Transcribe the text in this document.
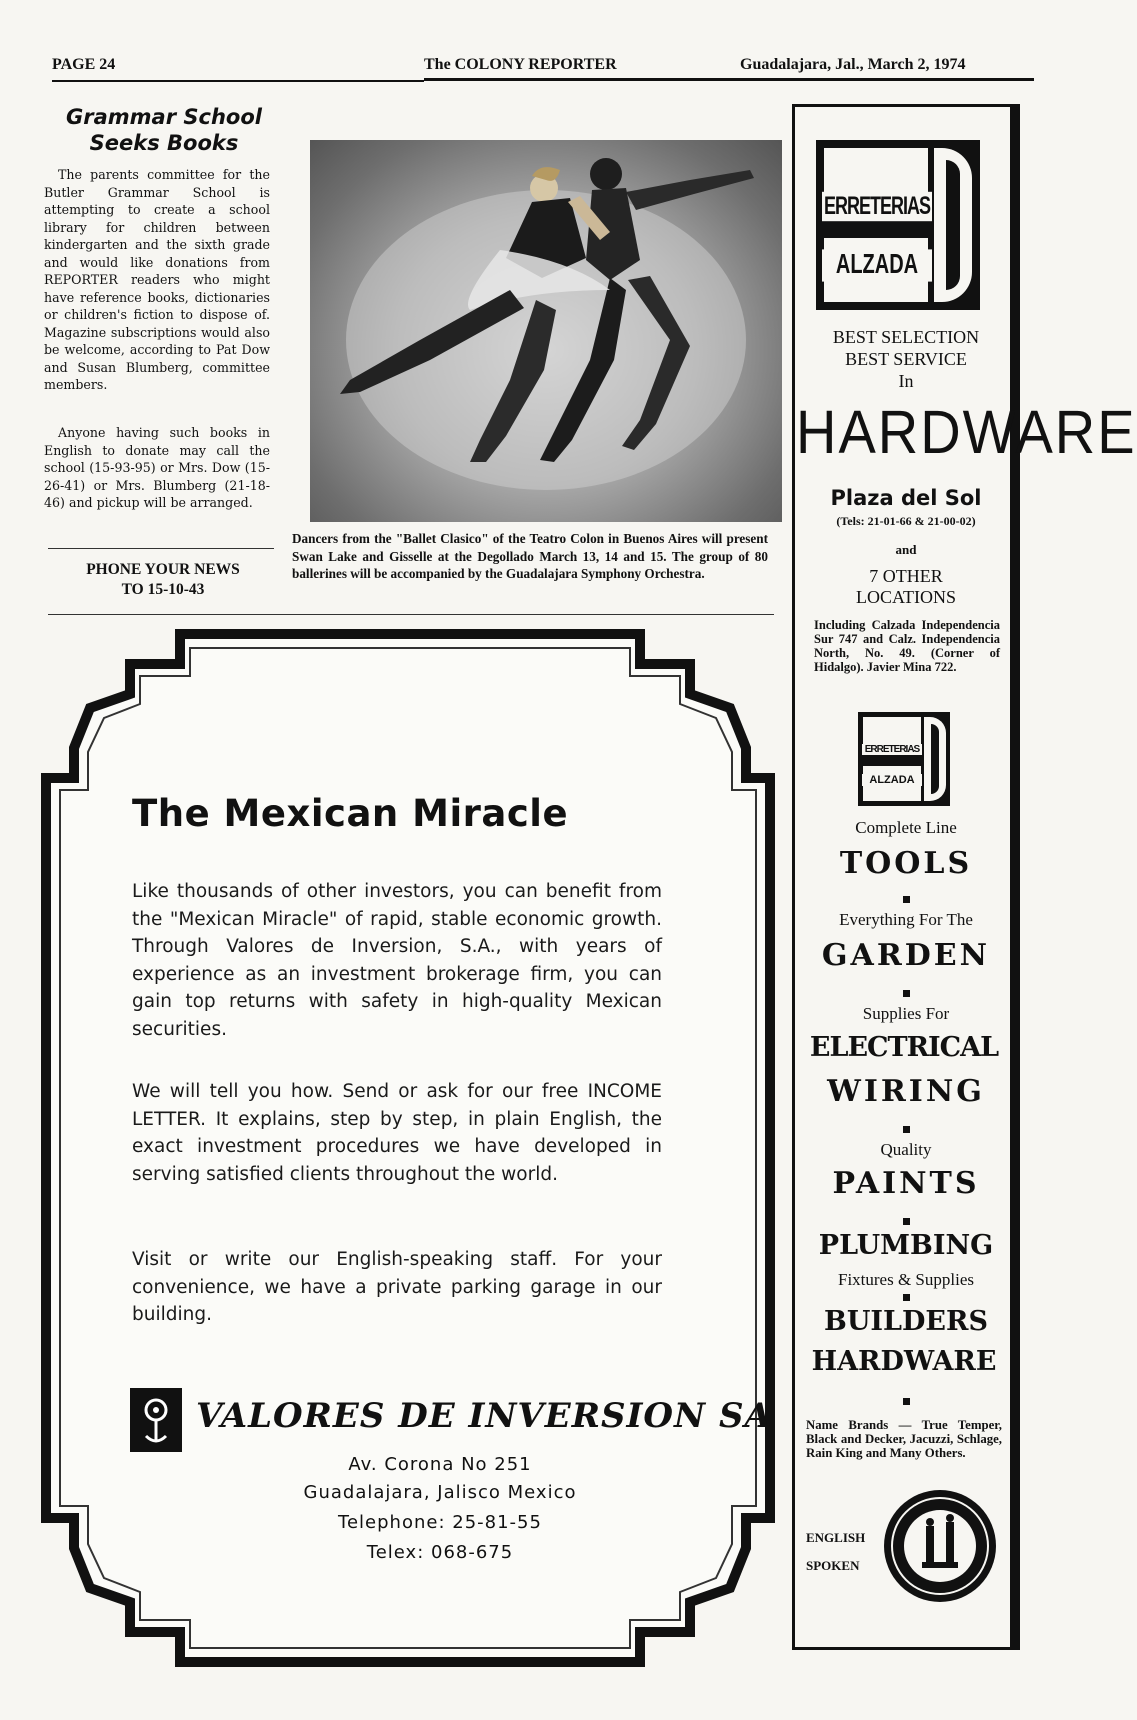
PAGE 24	The COLONY REPORTER	Guadalajara, Jal., March 2, 1974
Grammar School
Seeks Books
The parents committee for the Butler Grammar School is attempting to create a school library for children between kindergarten and the sixth grade and would like donations from REPORTER readers who might have reference books, dictionaries or children's fiction to dispose of. Magazine subscriptions would also be welcome, according to Pat Dow and Susan Blumberg, committee members.
Anyone having such books in English to donate may call the school (15-93-95) or Mrs. Dow (15-26-41) or Mrs. Blumberg (21-18-46) and pickup will be arranged.
PHONE YOUR NEWS
TO 15-10-43
Dancers from the "Ballet Clasico" of the Teatro Colon in Buenos Aires will present Swan Lake and Gisselle at the Degollado March 13, 14 and 15. The group of 80 ballerines will be accompanied by the Guadalajara Symphony Orchestra.
The Mexican Miracle
Like thousands of other investors, you can benefit from the "Mexican Miracle" of rapid, stable economic growth. Through Valores de Inversion, S.A., with years of experience as an investment brokerage firm, you can gain top returns with safety in high-quality Mexican securities.
We will tell you how. Send or ask for our free INCOME LETTER. It explains, step by step, in plain English, the exact investment procedures we have developed in serving satisfied clients throughout the world.
Visit or write our English-speaking staff. For your convenience, we have a private parking garage in our building.
VALORES DE INVERSION SA
Av. Corona No 251
Guadalajara, Jalisco Mexico
Telephone: 25-81-55
Telex: 068-675
ERRETERIAS
ALZADA
BEST SELECTION
BEST SERVICE
In
HARDWARE
Plaza del Sol
(Tels: 21-01-66 & 21-00-02)
and
7 OTHER
LOCATIONS
Including Calzada Independencia Sur 747 and Calz. Independencia North, No. 49. (Corner of Hidalgo). Javier Mina 722.
ERRETERIAS
ALZADA
Complete Line
TOOLS
Everything For The
GARDEN
Supplies For
ELECTRICAL
WIRING
Quality
PAINTS
PLUMBING
Fixtures & Supplies
BUILDERS
HARDWARE
Name Brands — True Temper, Black and Decker, Jacuzzi, Schlage, Rain King and Many Others.
ENGLISH
SPOKEN
